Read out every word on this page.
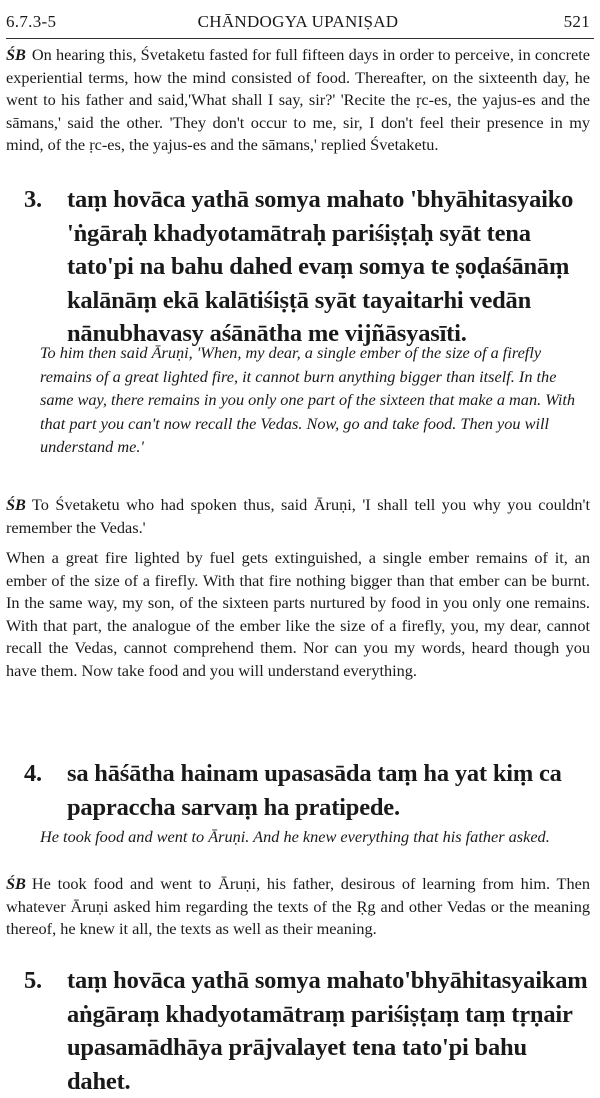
6.7.3-5	CHĀNDOGYA UPANIṢAD	521
ŚB On hearing this, Śvetaketu fasted for full fifteen days in order to perceive, in concrete experiential terms, how the mind consisted of food. Thereafter, on the sixteenth day, he went to his father and said,'What shall I say, sir?' 'Recite the ṛc-es, the yajus-es and the sāmans,' said the other. 'They don't occur to me, sir, I don't feel their presence in my mind, of the ṛc-es, the yajus-es and the sāmans,' replied Śvetaketu.
3. taṃ hovāca yathā somya mahato 'bhyāhitasyaiko 'ṅgāraḥ khadyotamātraḥ pariśiṣṭaḥ syāt tena tato'pi na bahu dahed evaṃ somya te ṣoḍaśānāṃ kalānāṃ ekā kalātiśiṣṭā syāt tayaitarhi vedān nānubhavasy aśānātha me vijñāsyasīti.
To him then said Āruṇi, 'When, my dear, a single ember of the size of a firefly remains of a great lighted fire, it cannot burn anything bigger than itself. In the same way, there remains in you only one part of the sixteen that make a man. With that part you can't now recall the Vedas. Now, go and take food. Then you will understand me.'
ŚB To Śvetaketu who had spoken thus, said Āruṇi, 'I shall tell you why you couldn't remember the Vedas.'
When a great fire lighted by fuel gets extinguished, a single ember remains of it, an ember of the size of a firefly. With that fire nothing bigger than that ember can be burnt. In the same way, my son, of the sixteen parts nurtured by food in you only one remains. With that part, the analogue of the ember like the size of a firefly, you, my dear, cannot recall the Vedas, cannot comprehend them. Nor can you my words, heard though you have them. Now take food and you will understand everything.
4. sa hāśātha hainam upasasāda taṃ ha yat kiṃ ca papraccha sarvaṃ ha pratipede.
He took food and went to Āruṇi. And he knew everything that his father asked.
ŚB He took food and went to Āruṇi, his father, desirous of learning from him. Then whatever Āruṇi asked him regarding the texts of the Ṛg and other Vedas or the meaning thereof, he knew it all, the texts as well as their meaning.
5. taṃ hovāca yathā somya mahato'bhyāhitasyaikam aṅgāraṃ khadyotamātraṃ pariśiṣṭaṃ taṃ tṛṇair upasamādhāya prājvalayet tena tato'pi bahu dahet.
